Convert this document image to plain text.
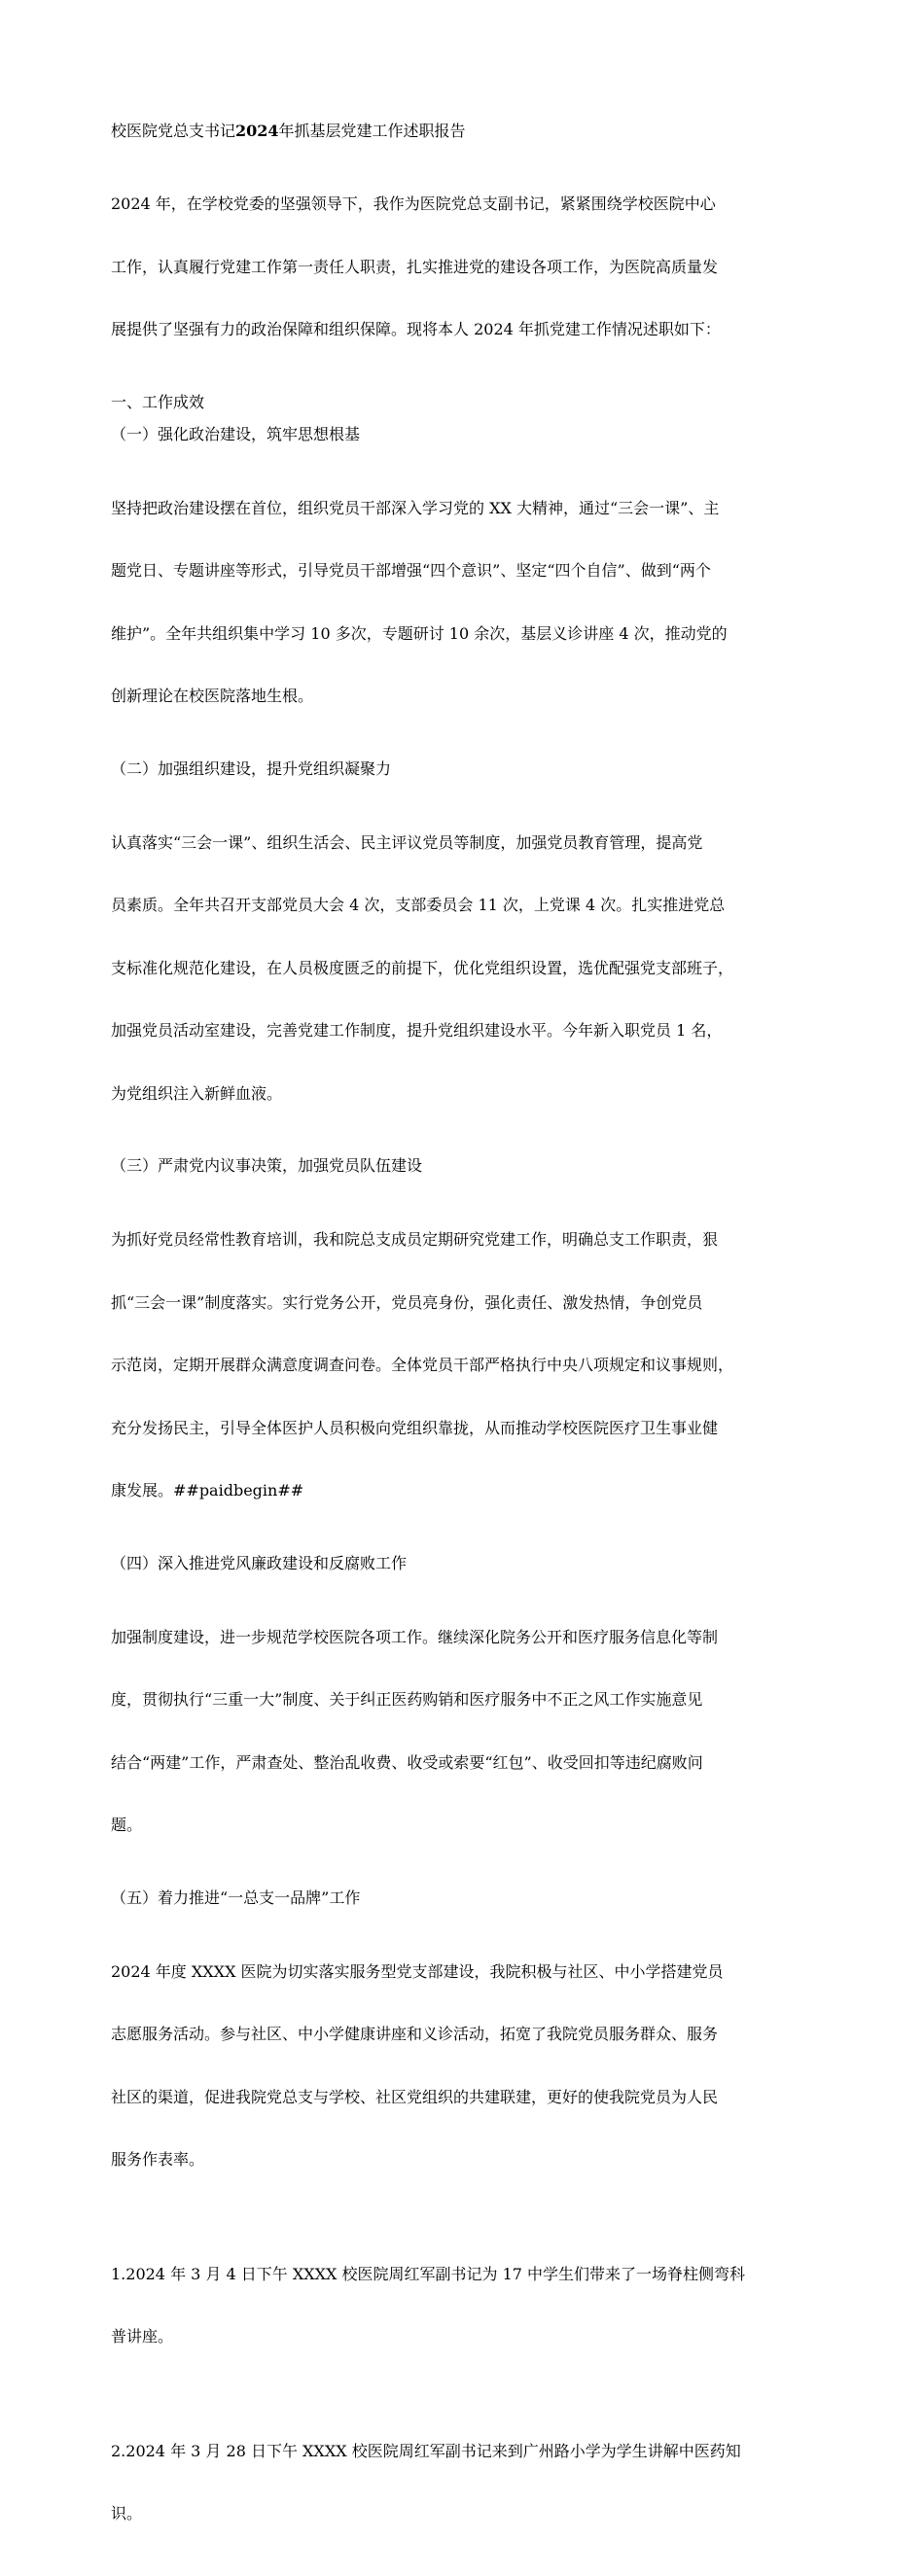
校医院党总支书记2024年抓基层党建工作述职报告

2024 年，在学校党委的坚强领导下，我作为医院党总支副书记，紧紧围绕学校医院中心

工作，认真履行党建工作第一责任人职责，扎实推进党的建设各项工作，为医院高质量发

展提供了坚强有力的政治保障和组织保障。现将本人 2024 年抓党建工作情况述职如下：

一、工作成效
（一）强化政治建设，筑牢思想根基

坚持把政治建设摆在首位，组织党员干部深入学习党的 XX 大精神，通过“三会一课”、主

题党日、专题讲座等形式，引导党员干部增强“四个意识”、坚定“四个自信”、做到“两个

维护”。全年共组织集中学习 10 多次，专题研讨 10 余次，基层义诊讲座 4 次，推动党的

创新理论在校医院落地生根。

（二）加强组织建设，提升党组织凝聚力

认真落实“三会一课”、组织生活会、民主评议党员等制度，加强党员教育管理，提高党

员素质。全年共召开支部党员大会 4 次，支部委员会 11 次，上党课 4 次。扎实推进党总

支标准化规范化建设，在人员极度匮乏的前提下，优化党组织设置，选优配强党支部班子，

加强党员活动室建设，完善党建工作制度，提升党组织建设水平。今年新入职党员 1 名，

为党组织注入新鲜血液。

（三）严肃党内议事决策，加强党员队伍建设

为抓好党员经常性教育培训，我和院总支成员定期研究党建工作，明确总支工作职责，狠

抓“三会一课”制度落实。实行党务公开，党员亮身份，强化责任、激发热情，争创党员

示范岗，定期开展群众满意度调查问卷。全体党员干部严格执行中央八项规定和议事规则，

充分发扬民主，引导全体医护人员积极向党组织靠拢，从而推动学校医院医疗卫生事业健

康发展。##paidbegin##

（四）深入推进党风廉政建设和反腐败工作

加强制度建设，进一步规范学校医院各项工作。继续深化院务公开和医疗服务信息化等制

度，贯彻执行“三重一大”制度、关于纠正医药购销和医疗服务中不正之风工作实施意见

结合“两建”工作，严肃查处、整治乱收费、收受或索要“红包”、收受回扣等违纪腐败问

题。

（五）着力推进“一总支一品牌”工作

2024 年度 XXXX 医院为切实落实服务型党支部建设，我院积极与社区、中小学搭建党员

志愿服务活动。参与社区、中小学健康讲座和义诊活动，拓宽了我院党员服务群众、服务

社区的渠道，促进我院党总支与学校、社区党组织的共建联建，更好的使我院党员为人民

服务作表率。

1.2024 年 3 月 4 日下午 XXXX 校医院周红军副书记为 17 中学生们带来了一场脊柱侧弯科

普讲座。

2.2024 年 3 月 28 日下午 XXXX 校医院周红军副书记来到广州路小学为学生讲解中医药知

识。
